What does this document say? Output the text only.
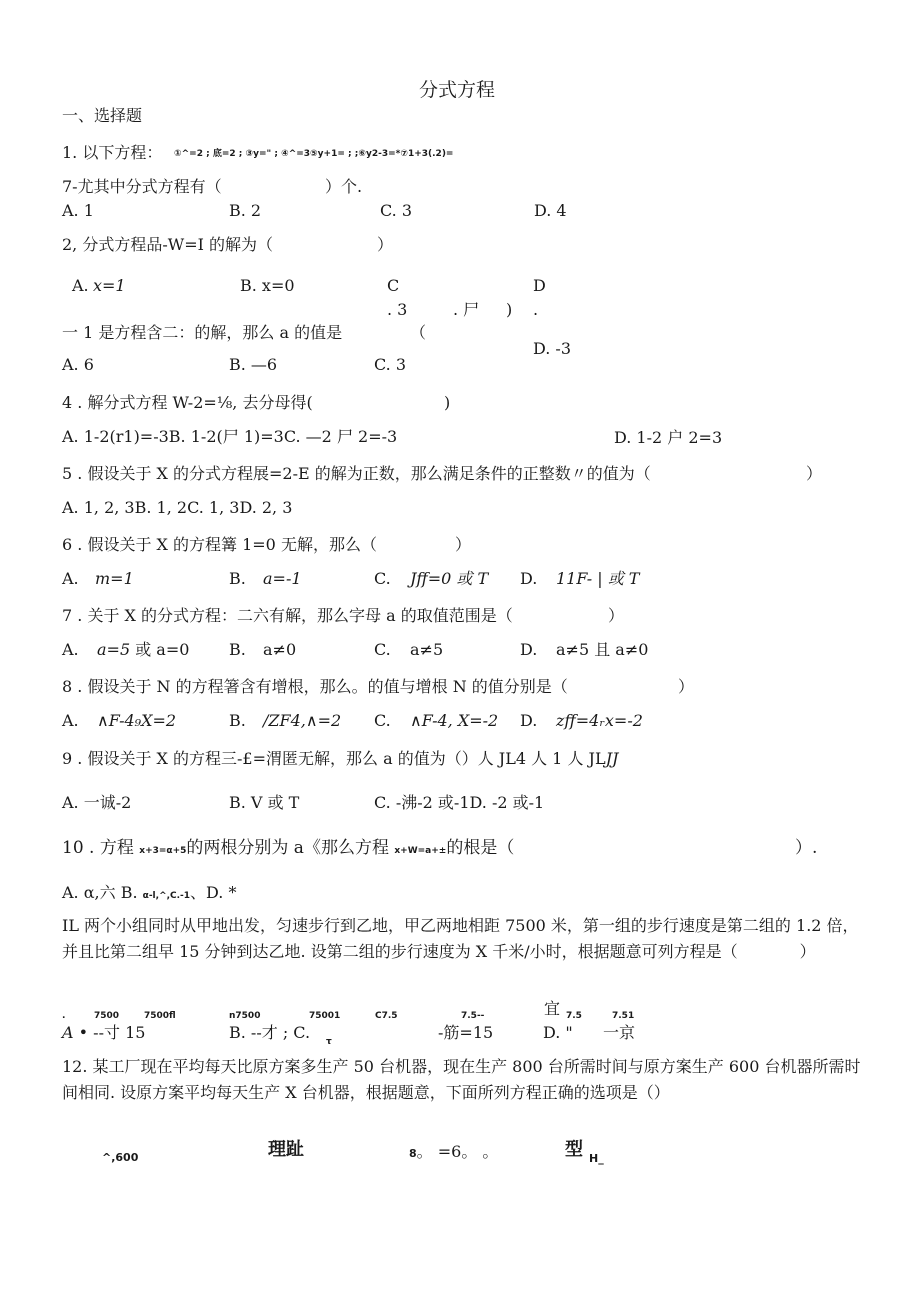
分式方程
一、选择题
1. 以下方程： ①^=2 ; 底=2 ; ③y=" ; ④^=3⑤y+1= ; ;⑥y2-3=*⑦1+3(.2)=
7-尤其中分式方程有（	）个.
A. 1	B. 2	C. 3	D. 4
2, 分式方程品-W=I 的解为（	）
A. x=1	B. x=0	C	D
. 3	. 尸 ) .
一 1 是方程含二：的解，那么 a 的值是	（
D. -3
A. 6	B. —6	C. 3
4 . 解分式方程 W-2=⅛, 去分母得(	)
A. 1-2(r1)=-3B. 1-2(尸 1)=3C. —2 尸 2=-3	D. 1-2 户 2=3
5 . 假设关于 X 的分式方程展=2-E 的解为正数，那么满足条件的正整数〃的值为（	）
A. 1, 2, 3B. 1, 2C. 1, 3D. 2, 3
6 . 假设关于 X 的方程篝 1=0 无解，那么（	）
A. m=1	B. a=-1	C. Jff=0 或 T D. 11F- | 或 T
7 . 关于 X 的分式方程：二六有解，那么字母 a 的取值范围是（	）
A. a=5 或 a=0 B. a≠0	C. a≠5	D. a≠5 且 a≠0
8 . 假设关于 N 的方程箸含有增根，那么。的值与增根 N 的值分别是（	）
A. ∧F-4₉X=2	B. ∕ZF4,∧=2 C. ∧F-4, X=-2 D. zff=4ᵣx=-2
9 . 假设关于 X 的方程三-£=渭匿无解，那么 a 的值为（）人 JL4 人 1 人 JLJJ
A. 一诚-2	B. V 或 T	C. -沸-2 或-1D. -2 或-1
10 . 方程 x+3=α+5的两根分别为 a《那么方程 x+W=a+±的根是（	）.
A. α,六 B. α-l,^,C.-1、D. *
IL 两个小组同时从甲地出发，匀速步行到乙地，甲乙两地相距 7500 米，第一组的步行速度是第二组的 1.2 倍，并且比第二组早 15 分钟到达乙地. 设第二组的步行速度为 X 千米/小时，根据题意可列方程是（	）
.	7500	7500fl	n7500	75001	C7.5	7.5--	宜 7.5	7.51
A • --寸 15	B. --才 ; C. τ	-筋=15	D. " 一京
12. 某工厂现在平均每天比原方案多生产 50 台机器，现在生产 800 台所需时间与原方案生产 600 台机器所需时间相同. 设原方案平均每天生产 X 台机器，根据题意，下面所列方程正确的选项是（）
^,600	理趾	8。 =6。 。	型 H_
